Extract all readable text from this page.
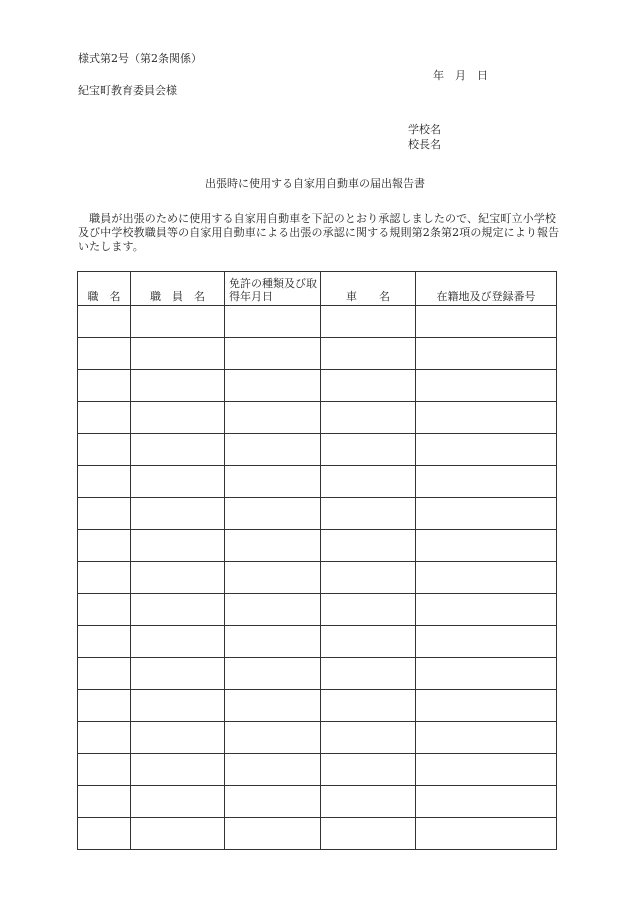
様式第2号（第2条関係）
年　月　日
紀宝町教育委員会様
学校名
校長名
出張時に使用する自家用自動車の届出報告書
　職員が出張のために使用する自家用自動車を下記のとおり承認しましたので、紀宝町立小学校及び中学校教職員等の自家用自動車による出張の承認に関する規則第2条第2項の規定により報告いたします。
職　名	職　員　名	免許の種類及び取得年月日	車　　名	在籍地及び登録番号
